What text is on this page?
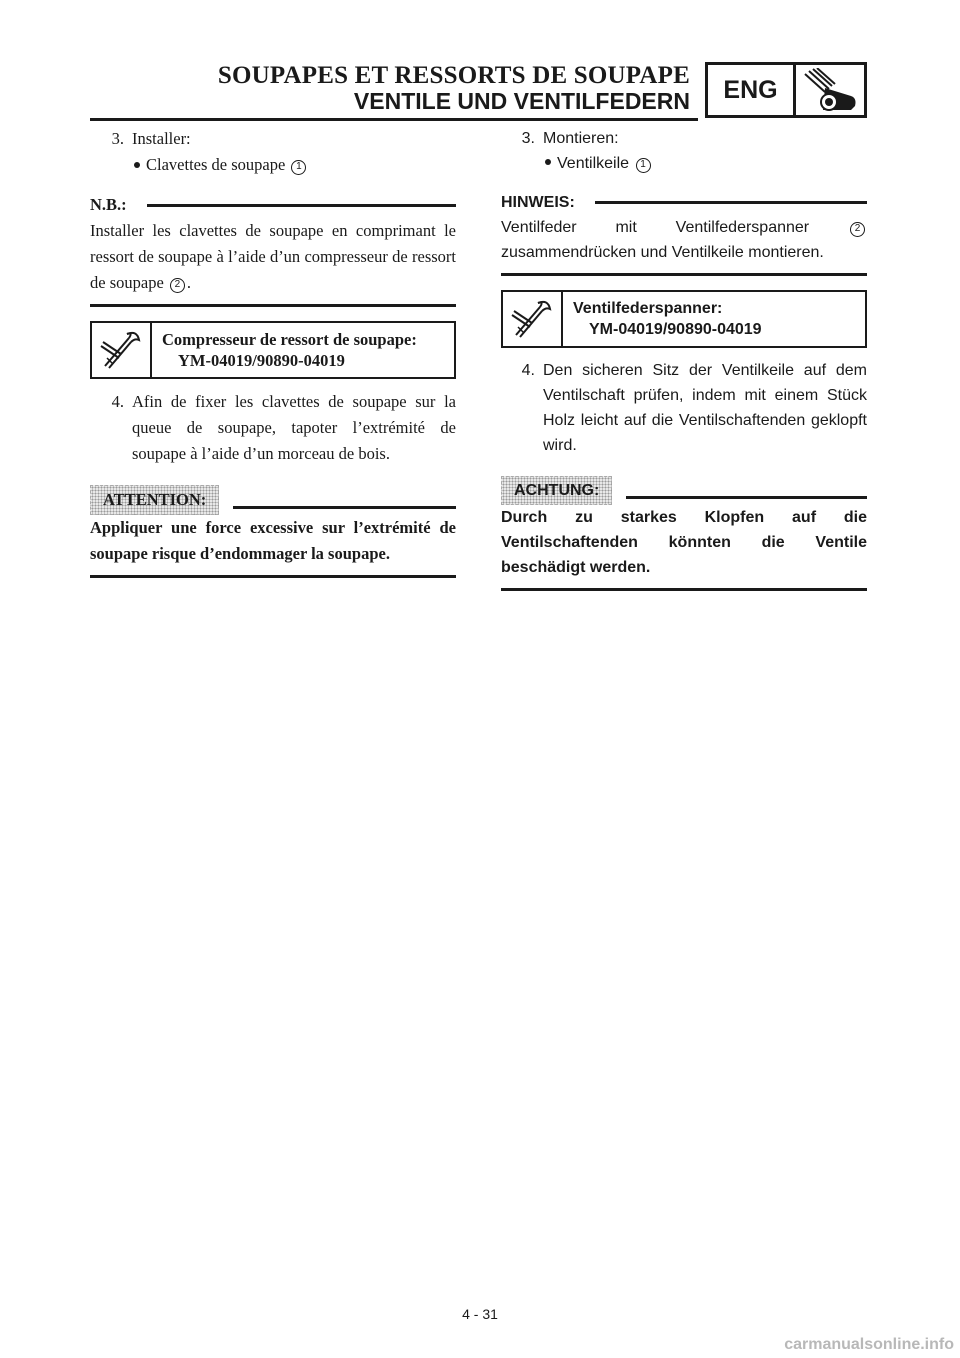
SOUPAPES ET RESSORTS DE SOUPAPE
VENTILE UND VENTILFEDERN	ENG
3. Installer:
Clavettes de soupape 1
N.B.:
Installer les clavettes de soupape en comprimant le ressort de soupape à l’aide d’un compresseur de ressort de soupape 2 .
Compresseur de ressort de soupape:
YM-04019/90890-04019
4. Afin de fixer les clavettes de soupape sur la queue de soupape, tapoter l’extrémité de soupape à l’aide d’un morceau de bois.
ATTENTION:
Appliquer une force excessive sur l’extrémité de soupape risque d’endommager la soupape.
3. Montieren:
Ventilkeile 1
HINWEIS:
Ventilfeder mit Ventilfederspanner	2 zusammendrücken und Ventilkeile montieren.
Ventilfederspanner:
YM-04019/90890-04019
4. Den sicheren Sitz der Ventilkeile auf dem Ventilschaft prüfen, indem mit einem Stück Holz leicht auf die Ventilschaftenden geklopft wird.
ACHTUNG:
Durch zu starkes Klopfen auf die Ventilschaftenden könnten die Ventile beschädigt werden.
4 - 31
carmanualsonline.info
